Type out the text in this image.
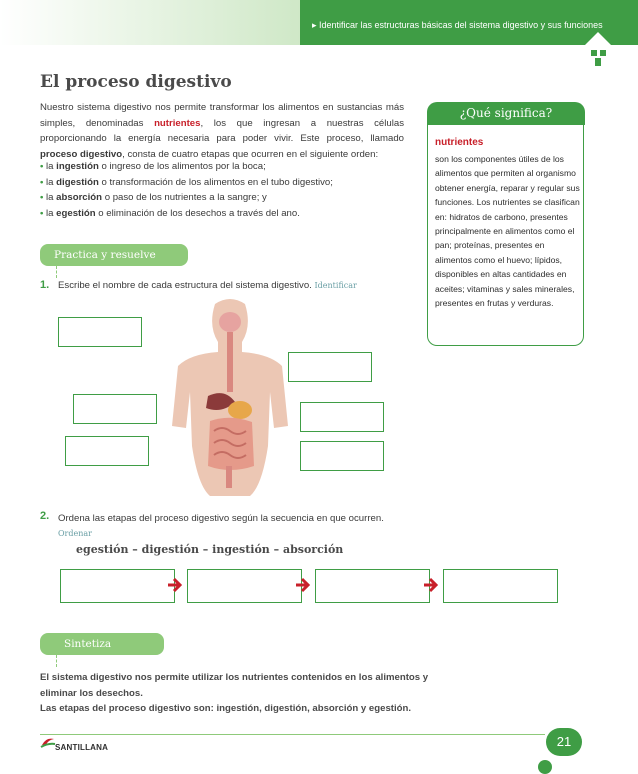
▸ Identificar las estructuras básicas del sistema digestivo y sus funciones
El proceso digestivo

Nuestro sistema digestivo nos permite transformar los alimentos en sustancias más simples, denominadas nutrientes, los que ingresan a nuestras células proporcionando la energía necesaria para poder vivir. Este proceso, llamado proceso digestivo, consta de cuatro etapas que ocurren en el siguiente orden:

• la ingestión o ingreso de los alimentos por la boca;
• la digestión o transformación de los alimentos en el tubo digestivo;
• la absorción o paso de los nutrientes a la sangre; y
• la egestión o eliminación de los desechos a través del ano.
¿Qué significa?
nutrientes
son los componentes útiles de los alimentos que permiten al organismo obtener energía, reparar y regular sus funciones. Los nutrientes se clasifican en: hidratos de carbono, presentes principalmente en alimentos como el pan; proteínas, presentes en alimentos como el huevo; lípidos, disponibles en altas cantidades en aceites; vitaminas y sales minerales, presentes en frutas y verduras.
Practica y resuelve
1. Escribe el nombre de cada estructura del sistema digestivo. Identificar
2. Ordena las etapas del proceso digestivo según la secuencia en que ocurren. Ordenar
egestión – digestión – ingestión – absorción
Sintetiza
El sistema digestivo nos permite utilizar los nutrientes contenidos en los alimentos y eliminar los desechos.
Las etapas del proceso digestivo son: ingestión, digestión, absorción y egestión.
SANTILLANA	21
